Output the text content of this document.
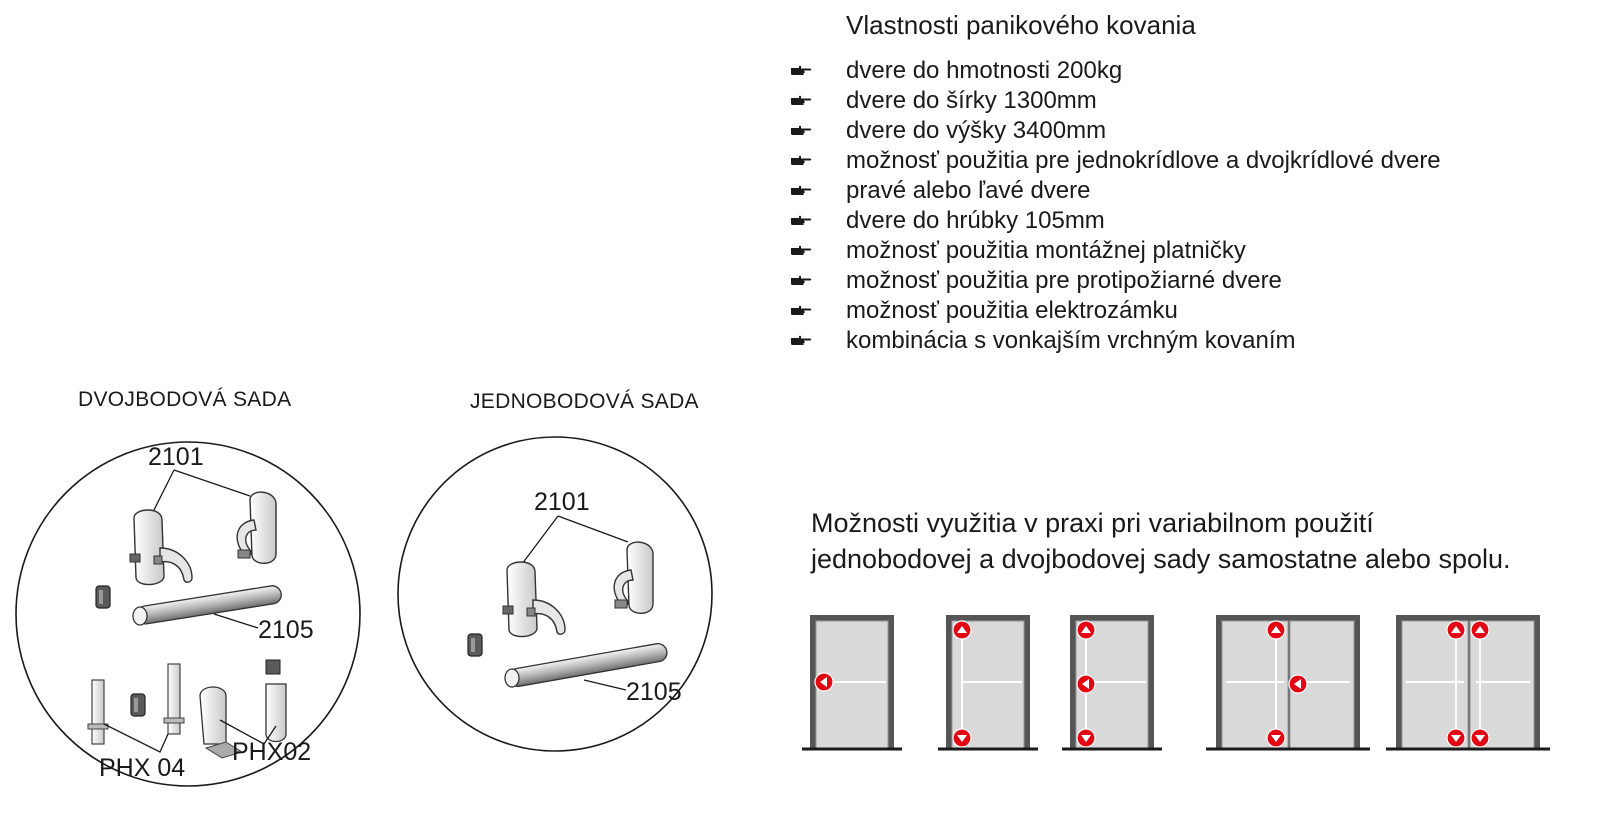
Vlastnosti panikového kovania
dvere do hmotnosti 200kg
dvere do šírky 1300mm
dvere do výšky 3400mm
možnosť použitia pre jednokrídlove a dvojkrídlové dvere
pravé alebo ľavé dvere
dvere do hrúbky 105mm
možnosť použitia montážnej platničky
možnosť použitia pre protipožiarné dvere
možnosť použitia elektrozámku
kombinácia s vonkajším vrchným kovaním
DVOJBODOVÁ SADA	JEDNOBODOVÁ SADA
Možnosti využitia v praxi pri variabilnom použití
jednobodovej a dvojbodovej sady samostatne alebo spolu.
2101
2105
PHX 04
PHX02
2101
2105
